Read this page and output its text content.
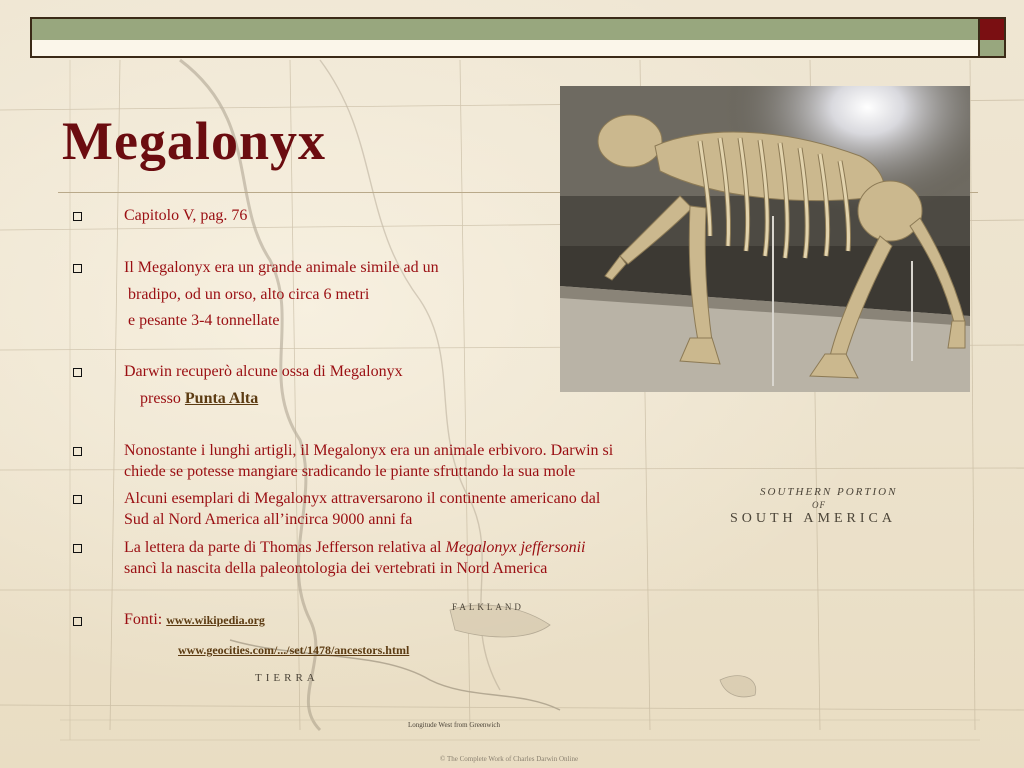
SOUTHERN PORTION
OF
SOUTH AMERICA
FALKLAND
TIERRA
Longitude West from Greenwich
© The Complete Work of Charles Darwin Online
Megalonyx
Capitolo V, pag. 76
Il Megalonyx era un grande animale simile ad un
bradipo, od un orso, alto circa 6 metri
e pesante 3-4 tonnellate
Darwin recuperò alcune ossa di Megalonyx
presso Punta Alta
Nonostante i lunghi artigli, il Megalonyx era un animale erbivoro. Darwin si
chiede se potesse mangiare sradicando le piante sfruttando la sua mole
Alcuni esemplari di Megalonyx attraversarono il continente americano dal
Sud al Nord America all’incirca 9000 anni fa
La lettera da parte di Thomas Jefferson relativa al Megalonyx jeffersonii
sancì la nascita della paleontologia dei vertebrati in Nord America
Fonti: www.wikipedia.org
www.geocities.com/.../set/1478/ancestors.html
